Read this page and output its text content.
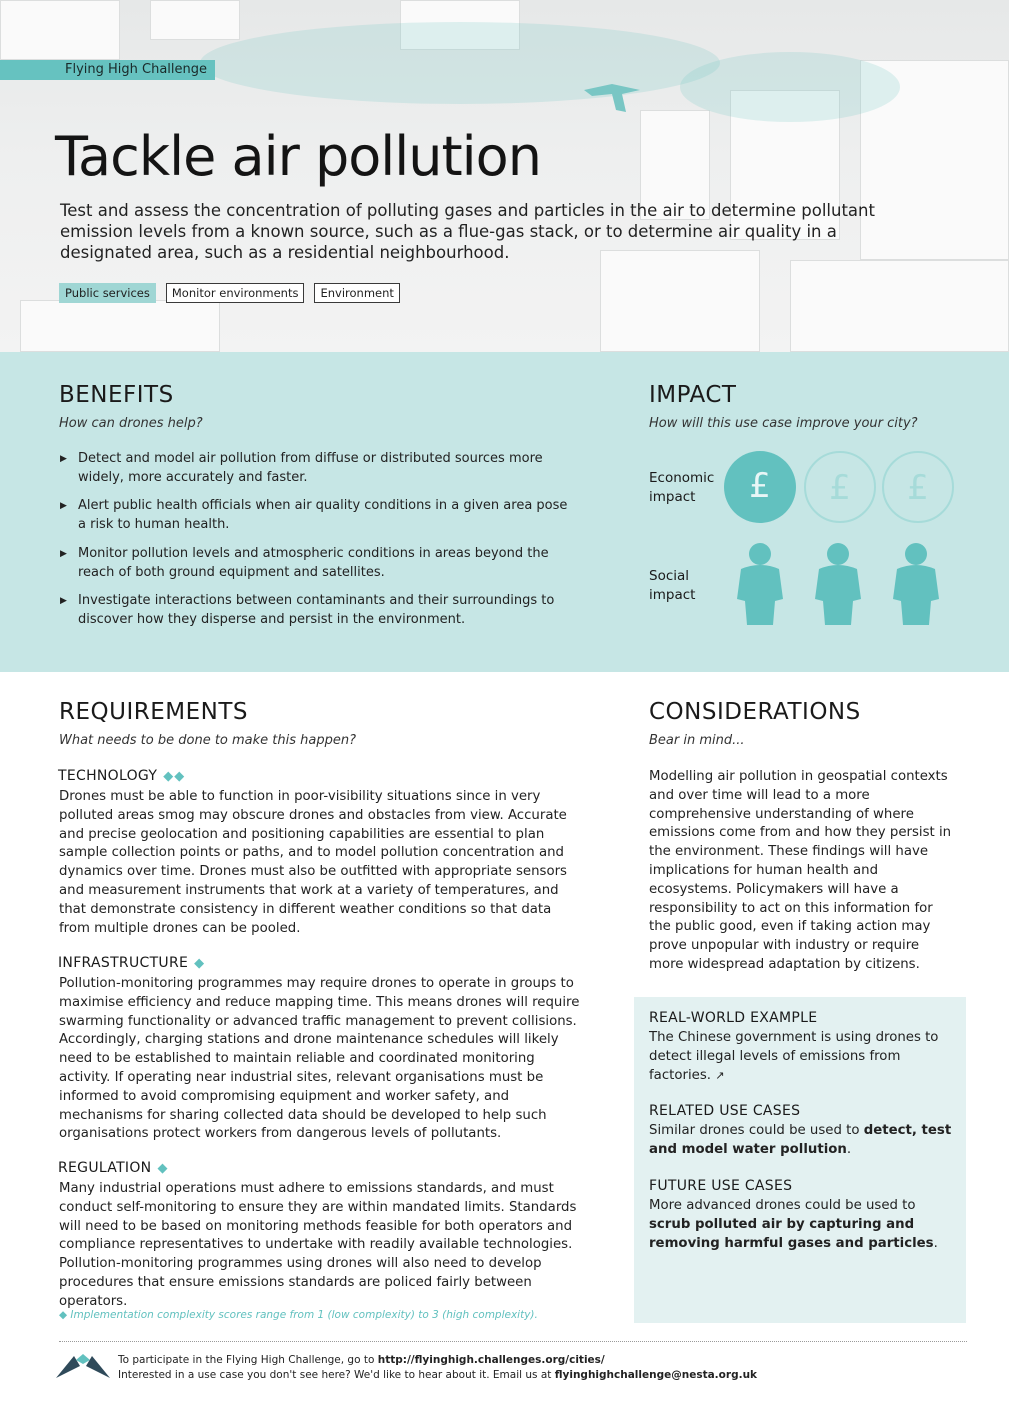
Flying High Challenge
Tackle air pollution

Test and assess the concentration of polluting gases and particles in the air to determine pollutant emission levels from a known source, such as a flue-gas stack, or to determine air quality in a designated area, such as a residential neighbourhood.

Public services	Monitor environments	Environment
BENEFITS
How can drones help?
▶ Detect and model air pollution from diffuse or distributed sources more widely, more accurately and faster.
▶ Alert public health officials when air quality conditions in a given area pose a risk to human health.
▶ Monitor pollution levels and atmospheric conditions in areas beyond the reach of both ground equipment and satellites.
▶ Investigate interactions between contaminants and their surroundings to discover how they disperse and persist in the environment.
IMPACT
How will this use case improve your city?
Economic impact	£	£	£
Social impact
REQUIREMENTS
What needs to be done to make this happen?
TECHNOLOGY ◆◆

Drones must be able to function in poor-visibility situations since in very polluted areas smog may obscure drones and obstacles from view. Accurate and precise geolocation and positioning capabilities are essential to plan sample collection points or paths, and to model pollution concentration and dynamics over time. Drones must also be outfitted with appropriate sensors and measurement instruments that work at a variety of temperatures, and that demonstrate consistency in different weather conditions so that data from multiple drones can be pooled.

INFRASTRUCTURE ◆

Pollution-monitoring programmes may require drones to operate in groups to maximise efficiency and reduce mapping time. This means drones will require swarming functionality or advanced traffic management to prevent collisions. Accordingly, charging stations and drone maintenance schedules will likely need to be established to maintain reliable and coordinated monitoring activity. If operating near industrial sites, relevant organisations must be informed to avoid compromising equipment and worker safety, and mechanisms for sharing collected data should be developed to help such organisations protect workers from dangerous levels of pollutants.

REGULATION ◆

Many industrial operations must adhere to emissions standards, and must conduct self-monitoring to ensure they are within mandated limits. Standards will need to be based on monitoring methods feasible for both operators and compliance representatives to undertake with readily available technologies. Pollution-monitoring programmes using drones will also need to develop procedures that ensure emissions standards are policed fairly between operators.

◆ Implementation complexity scores range from 1 (low complexity) to 3 (high complexity).
CONSIDERATIONS
Bear in mind...

Modelling air pollution in geospatial contexts and over time will lead to a more comprehensive understanding of where emissions come from and how they persist in the environment. These findings will have implications for human health and ecosystems. Policymakers will have a responsibility to act on this information for the public good, even if taking action may prove unpopular with industry or require more widespread adaptation by citizens.

REAL-WORLD EXAMPLE

The Chinese government is using drones to detect illegal levels of emissions from factories. ↗

RELATED USE CASES

Similar drones could be used to detect, test and model water pollution.

FUTURE USE CASES

More advanced drones could be used to scrub polluted air by capturing and removing harmful gases and particles.

To participate in the Flying High Challenge, go to http://flyinghigh.challenges.org/cities/
Interested in a use case you don't see here? We'd like to hear about it. Email us at flyinghighchallenge@nesta.org.uk
